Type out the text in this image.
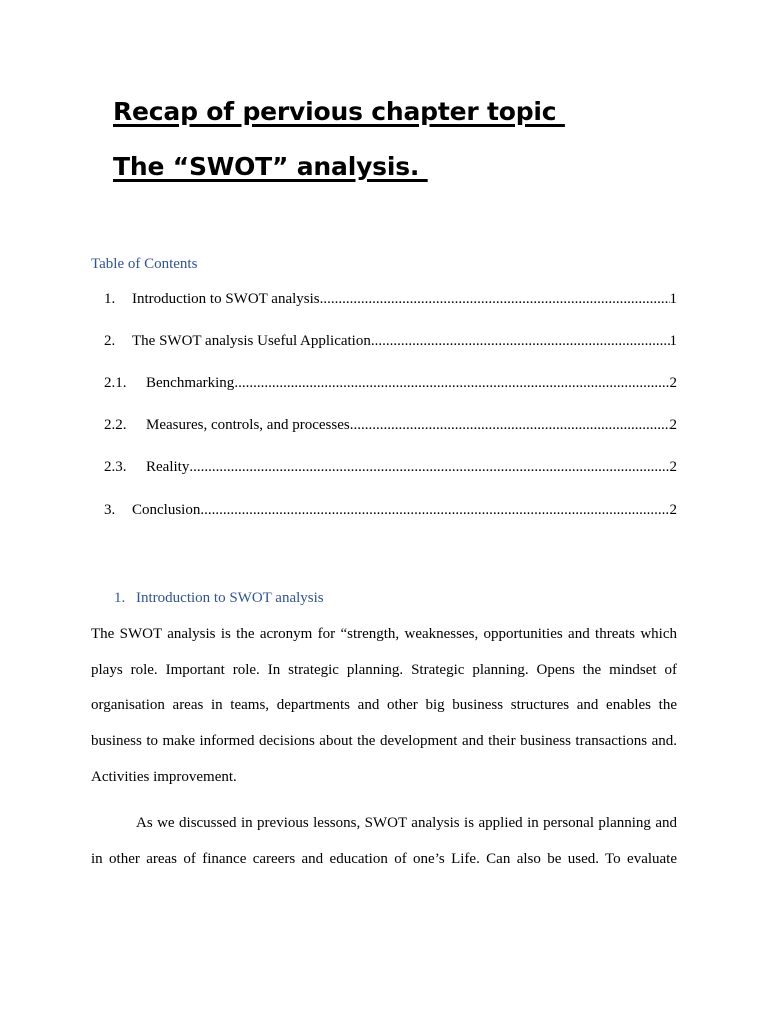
Recap of pervious chapter topic
The “SWOT” analysis.
Table of Contents
1.	Introduction to SWOT analysis .....	1
2.	The SWOT analysis Useful Application .....	1
2.1.	Benchmarking .....	2
2.2.	Measures, controls, and processes .....	2
2.3.	Reality .....	2
3.	Conclusion .....	2
1. Introduction to SWOT analysis
The SWOT analysis is the acronym for “strength, weaknesses, opportunities and threats which plays role. Important role. In strategic planning. Strategic planning. Opens the mindset of organisation areas in teams, departments and other big business structures and enables the business to make informed decisions about the development and their business transactions and. Activities improvement.
As we discussed in previous lessons, SWOT analysis is applied in personal planning and in other areas of finance careers and education of one’s Life. Can also be used. To evaluate
